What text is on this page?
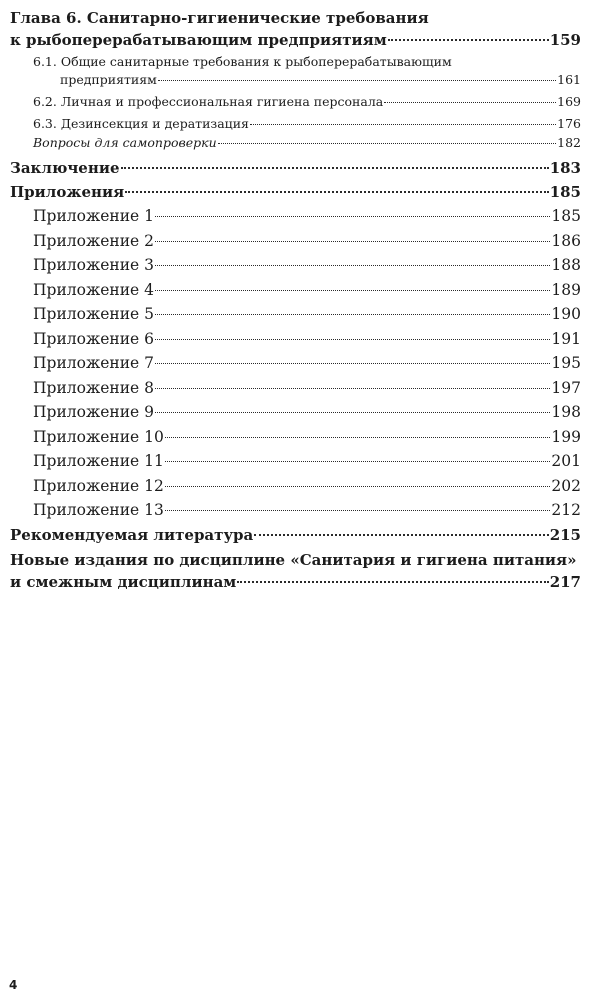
Глава 6. Санитарно-гигиенические требования
к рыбоперерабатывающим предприятиям	159
6.1. Общие санитарные требования к рыбоперерабатывающим
предприятиям	161
6.2. Личная и профессиональная гигиена персонала	169
6.3. Дезинсекция и дератизация	176
Вопросы для самопроверки	182
Заключение	183
Приложения	185
Приложение 1	185
Приложение 2	186
Приложение 3	188
Приложение 4	189
Приложение 5	190
Приложение 6	191
Приложение 7	195
Приложение 8	197
Приложение 9	198
Приложение 10	199
Приложение 11	201
Приложение 12	202
Приложение 13	212
Рекомендуемая литература	215
Новые издания по дисциплине «Санитария и гигиена питания»
и смежным дисциплинам	217
4
